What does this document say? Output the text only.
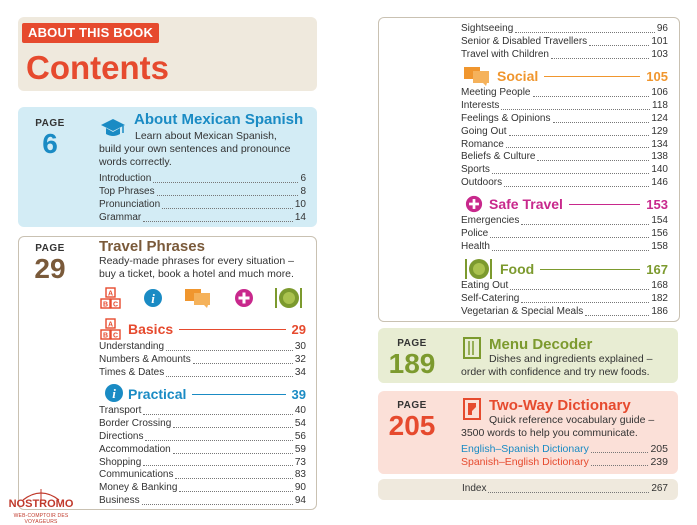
ABOUT THIS BOOK
Contents
PAGE
6
About Mexican Spanish
Learn about Mexican Spanish,
build your own sentences and pronounce
words correctly.
Introduction	6
Top Phrases	8
Pronunciation	10
Grammar	14
PAGE
29
Travel Phrases
Ready-made phrases for every situation –
buy a ticket, book a hotel and much more.
A
B C	i
A
B C Basics	29
Understanding	30
Numbers & Amounts	32
Times & Dates	34
i Practical	39
Transport	40
Border Crossing	54
Directions	56
Accommodation	59
Shopping	73
Communications	83
Money & Banking	90
Business	94
NOSTROMO
WEB-COMPTOIR DES VOYAGEURS
Sightseeing	96
Senior & Disabled Travellers	101
Travel with Children	103
Social	105
Meeting People	106
Interests	118
Feelings & Opinions	124
Going Out	129
Romance	134
Beliefs & Culture	138
Sports	140
Outdoors	146
Safe Travel	153
Emergencies	154
Police	156
Health	158
Food	167
Eating Out	168
Self-Catering	182
Vegetarian & Special Meals	186
PAGE
189
Menu Decoder
Dishes and ingredients explained –
order with confidence and try new foods.
PAGE
205
Two-Way Dictionary
Quick reference vocabulary guide –
3500 words to help you communicate.
English–Spanish Dictionary	205
Spanish–English Dictionary	239
Index	267
